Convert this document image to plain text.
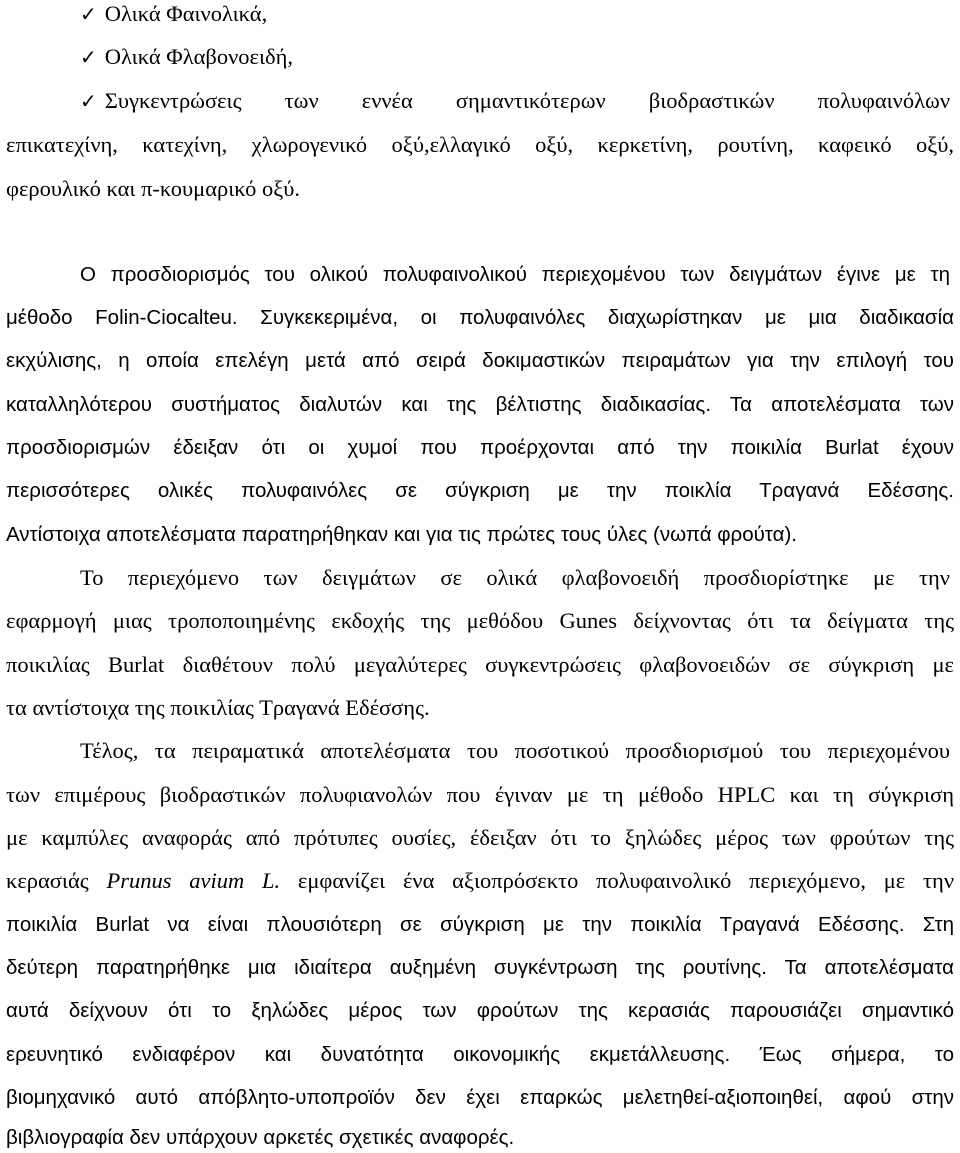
✓ Ολικά Φαινολικά,
✓ Ολικά Φλαβονοειδή,
✓ Συγκεντρώσεις των εννέα σημαντικότερων βιοδραστικών πολυφαινόλων
επικατεχίνη, κατεχίνη, χλωρογενικό οξύ,ελλαγικό οξύ, κερκετίνη, ρουτίνη, καφεικό οξύ,
φερουλικό και π-κουμαρικό οξύ.
Ο προσδιορισμός του ολικού πολυφαινολικού περιεχομένου των δειγμάτων έγινε με τη
μέθοδο Folin-Ciocalteu. Συγκεκεριμένα, οι πολυφαινόλες διαχωρίστηκαν με μια διαδικασία
εκχύλισης, η οποία επελέγη μετά από σειρά δοκιμαστικών πειραμάτων για την επιλογή του
καταλληλότερου συστήματος διαλυτών και της βέλτιστης διαδικασίας. Τα αποτελέσματα των
προσδιορισμών έδειξαν ότι οι χυμοί που προέρχονται από την ποικιλία Burlat έχουν
περισσότερες ολικές πολυφαινόλες σε σύγκριση με την ποικλία Τραγανά Εδέσσης.
Αντίστοιχα αποτελέσματα παρατηρήθηκαν και για τις πρώτες τους ύλες (νωπά φρούτα).
Το περιεχόμενο των δειγμάτων σε ολικά φλαβονοειδή προσδιορίστηκε με την
εφαρμογή μιας τροποποιημένης εκδοχής της μεθόδου Gunes δείχνοντας ότι τα δείγματα της
ποικιλίας Burlat διαθέτουν πολύ μεγαλύτερες συγκεντρώσεις φλαβονοειδών σε σύγκριση με
τα αντίστοιχα της ποικιλίας Τραγανά Εδέσσης.
Τέλος, τα πειραματικά αποτελέσματα του ποσοτικού προσδιορισμού του περιεχομένου
των επιμέρους βιοδραστικών πολυφιανολών που έγιναν με τη μέθοδο HPLC και τη σύγκριση
με καμπύλες αναφοράς από πρότυπες ουσίες, έδειξαν ότι το ξηλώδες μέρος των φρούτων της
κερασιάς Prunus avium L. εμφανίζει ένα αξιοπρόσεκτο πολυφαινολικό περιεχόμενο, με την
ποικιλία Burlat να είναι πλουσιότερη σε σύγκριση με την ποικιλία Τραγανά Εδέσσης. Στη
δεύτερη παρατηρήθηκε μια ιδιαίτερα αυξημένη συγκέντρωση της ρουτίνης. Τα αποτελέσματα
αυτά δείχνουν ότι το ξηλώδες μέρος των φρούτων της κερασιάς παρουσιάζει σημαντικό
ερευνητικό ενδιαφέρον και δυνατότητα οικονομικής εκμετάλλευσης. Έως σήμερα, το
βιομηχανικό αυτό απόβλητο-υποπροϊόν δεν έχει επαρκώς μελετηθεί-αξιοποιηθεί, αφού στην
βιβλιογραφία δεν υπάρχουν αρκετές σχετικές αναφορές.
